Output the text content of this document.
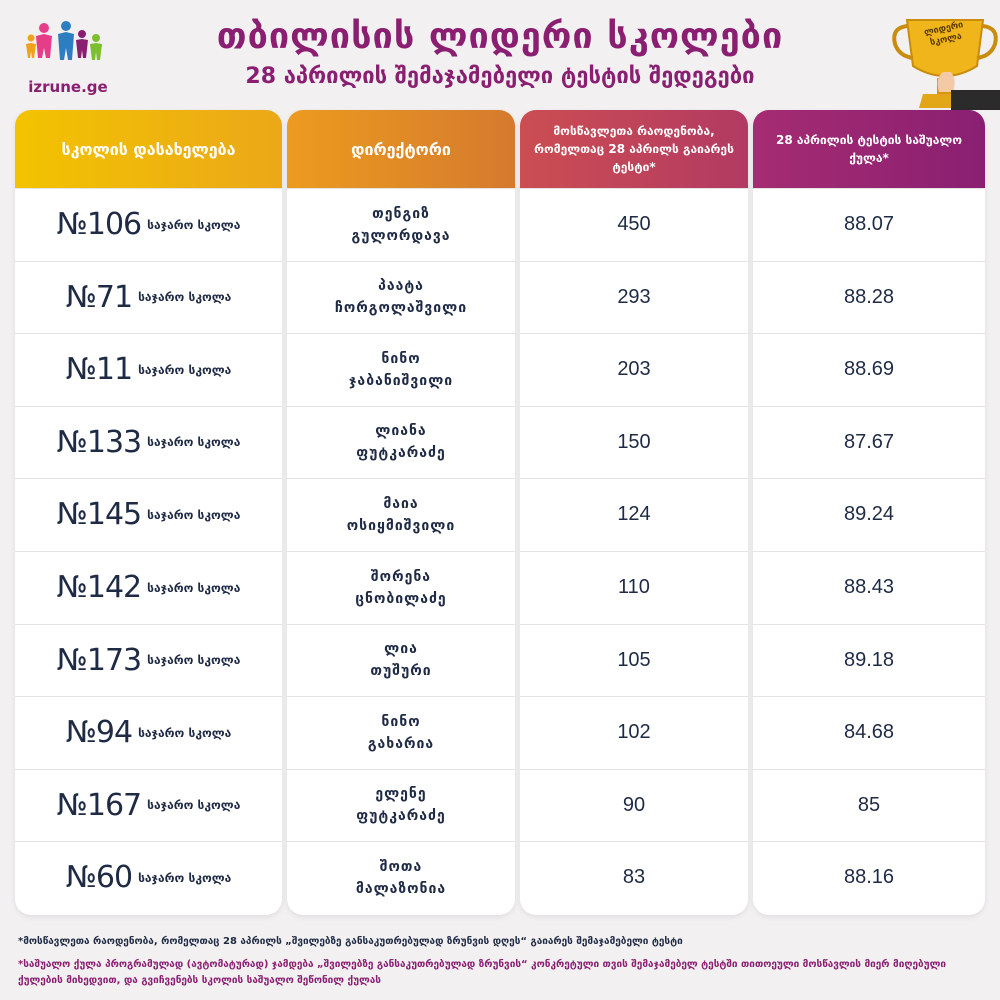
izrune.ge
თბილისის ლიდერი სკოლები
28 აპრილის შემაჯამებელი ტესტის შედეგები
ლიდერი სკოლა
სკოლის დასახელება
№106 საჯარო სკოლა
№71 საჯარო სკოლა
№11 საჯარო სკოლა
№133 საჯარო სკოლა
№145 საჯარო სკოლა
№142 საჯარო სკოლა
№173 საჯარო სკოლა
№94 საჯარო სკოლა
№167 საჯარო სკოლა
№60 საჯარო სკოლა
დირექტორი
თენგიზ
გულორდავა
პაატა
ჩორგოლაშვილი
ნინო
ჯაბანიშვილი
ლიანა
ფუტკარაძე
მაია
ოსიყმიშვილი
შორენა
ცნობილაძე
ლია
თუშური
ნინო
გახარია
ელენე
ფუტკარაძე
შოთა
მალაზონია
მოსწავლეთა რაოდენობა, რომელთაც 28 აპრილს გაიარეს ტესტი*
450
293
203
150
124
110
105
102
90
83
28 აპრილის ტესტის საშუალო ქულა*
88.07
88.28
88.69
87.67
89.24
88.43
89.18
84.68
85
88.16
*მოსწავლეთა რაოდენობა, რომელთაც 28 აპრილს „შვილებზე განსაკუთრებულად ზრუნვის დღეს“ გაიარეს შემაჯამებელი ტესტი
*საშუალო ქულა პროგრამულად (ავტომატურად) ჯამდება „შვილებზე განსაკუთრებულად ზრუნვის“ კონკრეტული თვის შემაჯამებელ ტესტში თითოეული მოსწავლის მიერ მიღებული ქულების მიხედვით, და გვიჩვენებს სკოლის საშუალო შეწონილ ქულას
